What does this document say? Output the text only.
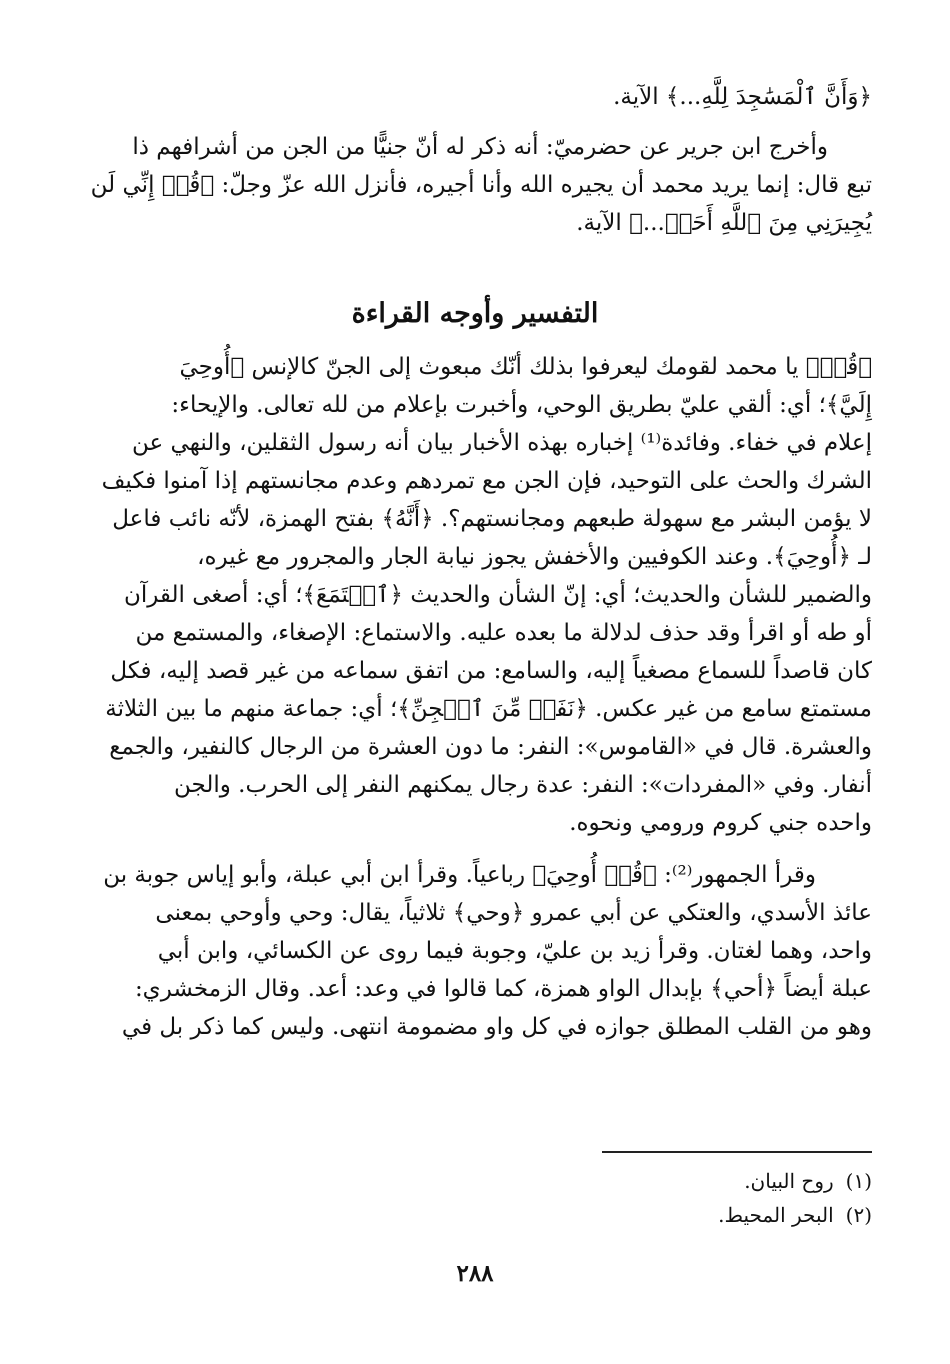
﴿وَأَنَّ ٱلْمَسَٰجِدَ لِلَّهِ...﴾ الآية.

وأخرج ابن جرير عن حضرميّ: أنه ذكر له أنّ جنيًّا من الجن من أشرافهم ذا

تبع قال: إنما يريد محمد أن يجيره الله وأنا أجيره، فأنزل الله عزّ وجلّ: ﴿قُلۡ إِنِّي لَن

يُجِيرَنِي مِنَ ٱللَّهِ أَحَدٞ...﴾ الآية.

التفسير وأوجه القراءة

﴿قُلۡ﴾ يا محمد لقومك ليعرفوا بذلك أنّك مبعوث إلى الجنّ كالإنس ﴿أُوحِيَ

إِلَيَّ﴾؛ أي: ألقي عليّ بطريق الوحي، وأخبرت بإعلام من لله تعالى. والإيحاء:

إعلام في خفاء. وفائدة⁽¹⁾ إخباره بهذه الأخبار بيان أنه رسول الثقلين، والنهي عن

الشرك والحث على التوحيد، فإن الجن مع تمردهم وعدم مجانستهم إذا آمنوا فكيف

لا يؤمن البشر مع سهولة طبعهم ومجانستهم؟. ﴿أَنَّهُ﴾ بفتح الهمزة، لأنّه نائب فاعل

لـ ﴿أُوحِيَ﴾. وعند الكوفيين والأخفش يجوز نيابة الجار والمجرور مع غيره،

والضمير للشأن والحديث؛ أي: إنّ الشأن والحديث ﴿ٱسۡتَمَعَ﴾؛ أي: أصغى القرآن

أو طه أو اقرأ وقد حذف لدلالة ما بعده عليه. والاستماع: الإصغاء، والمستمع من

كان قاصداً للسماع مصغياً إليه، والسامع: من اتفق سماعه من غير قصد إليه، فكل

مستمتع سامع من غير عكس. ﴿نَفَرٞ مِّنَ ٱلۡجِنِّ﴾؛ أي: جماعة منهم ما بين الثلاثة

والعشرة. قال في «القاموس»: النفر: ما دون العشرة من الرجال كالنفير، والجمع

أنفار. وفي «المفردات»: النفر: عدة رجال يمكنهم النفر إلى الحرب. والجن

واحده جني كروم ورومي ونحوه.

وقرأ الجمهور⁽²⁾: ﴿قُلۡ أُوحِيَ﴾ رباعياً. وقرأ ابن أبي عبلة، وأبو إياس جوبة بن

عائذ الأسدي، والعتكي عن أبي عمرو ﴿وحي﴾ ثلاثياً، يقال: وحي وأوحي بمعنى

واحد، وهما لغتان. وقرأ زيد بن عليّ، وجوبة فيما روى عن الكسائي، وابن أبي

عبلة أيضاً ﴿أحي﴾ بإبدال الواو همزة، كما قالوا في وعد: أعد. وقال الزمخشري:

وهو من القلب المطلق جوازه في كل واو مضمومة انتهى. وليس كما ذكر بل في

(١) روح البيان.
(٢) البحر المحيط.
٢٨٨
